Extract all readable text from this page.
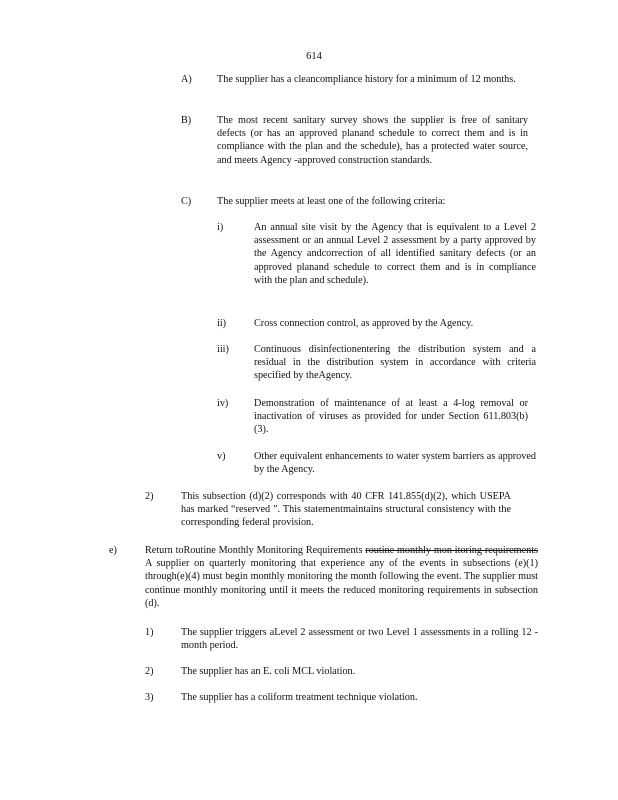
614
A) The supplier has a cleancompliance history for a minimum of 12 months.
B)	The most recent sanitary survey shows the supplier is free of sanitary defects (or has an approved planand schedule to correct them and is in compliance with the plan and the schedule), has a protected water source, and meets Agency -approved construction standards.
C)	The supplier meets at least one of the following criteria:
i)	An annual site visit by the Agency that is equivalent to a Level 2 assessment or an annual Level 2 assessment by a party approved by the Agency andcorrection of all identified sanitary defects (or an approved planand schedule to correct them and is in compliance with the plan and schedule).
ii)	Cross connection control, as approved by the Agency.
iii) Continuous disinfectionentering the distribution system and a residual in the distribution system in accordance with criteria specified by theAgency.
iv)	Demonstration of maintenance of at least a 4-log removal or inactivation of viruses as provided for under Section 611.803(b)(3).
v)	Other equivalent enhancements to water system barriers as approved by the Agency.
2)	This subsection (d)(2) corresponds with 40 CFR 141.855(d)(2), which USEPA has marked “reserved ”. This statementmaintains structural consistency with the corresponding federal provision.
e)	Return toRoutine Monthly Monitoring Requirements routine monthly mon itoring requirements A supplier on quarterly monitoring that experience any of the events in subsections (e)(1) through(e)(4) must begin monthly monitoring the month following the event. The supplier must continue monthly monitoring until it meets the reduced monitoring requirements in subsection (d).
1)	The supplier triggers aLevel 2 assessment or two Level 1 assessments in a rolling 12 -month period.
2)	The supplier has an E. coli MCL violation.
3)	The supplier has a coliform treatment technique violation.
